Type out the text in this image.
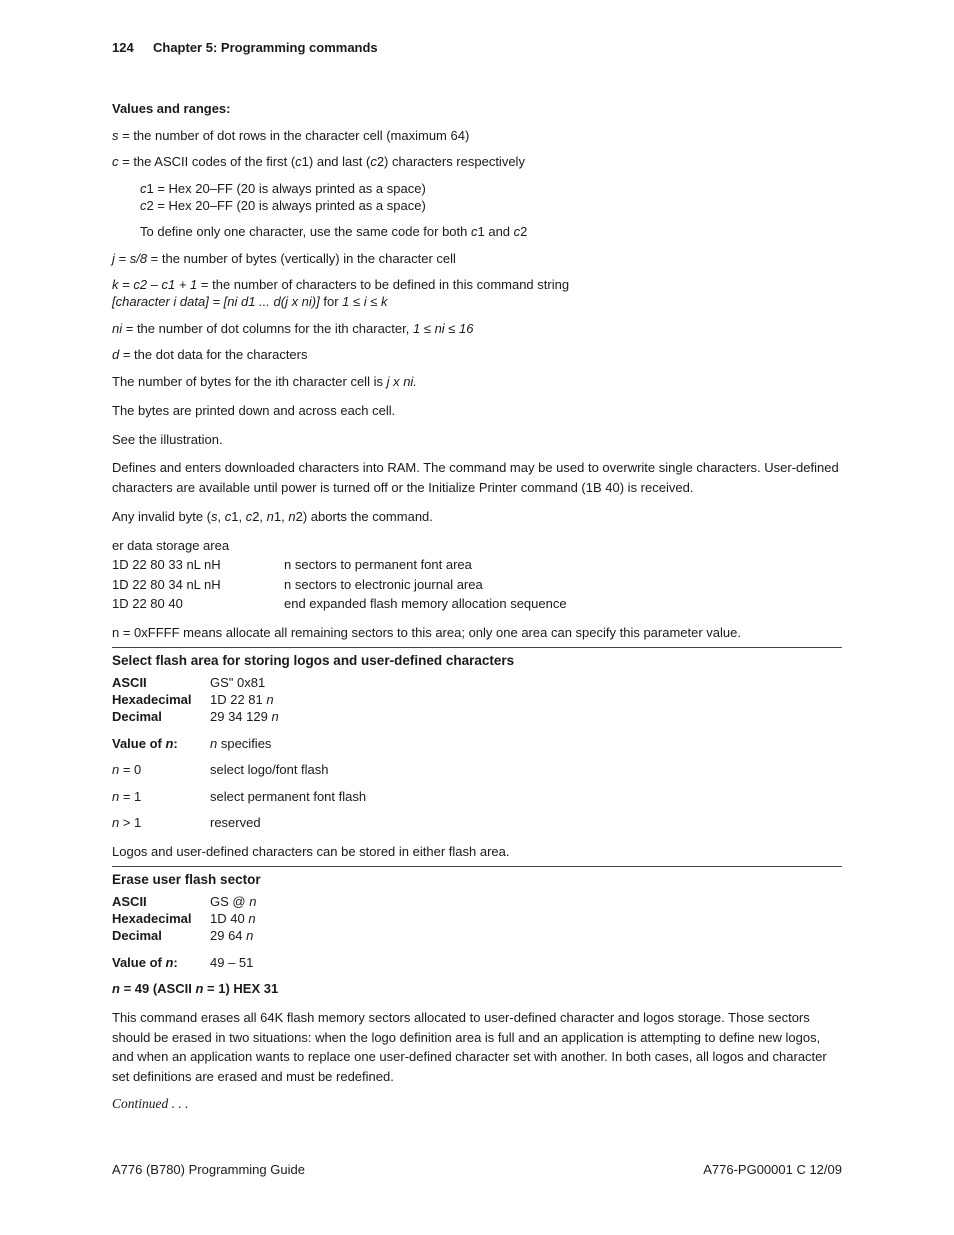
124 Chapter 5: Programming commands
Values and ranges:
s = the number of dot rows in the character cell (maximum 64)
c = the ASCII codes of the first (c1) and last (c2) characters respectively
c1 = Hex 20–FF (20 is always printed as a space)
c2 = Hex 20–FF (20 is always printed as a space)
To define only one character, use the same code for both c1 and c2
j = s/8 = the number of bytes (vertically) in the character cell
k = c2 – c1 + 1 = the number of characters to be defined in this command string
[character i data] = [ni d1 ... d(j x ni)] for 1 ≤ i ≤ k
ni = the number of dot columns for the ith character, 1 ≤ ni ≤ 16
d = the dot data for the characters
The number of bytes for the ith character cell is j x ni.
The bytes are printed down and across each cell.
See the illustration.
Defines and enters downloaded characters into RAM. The command may be used to overwrite single characters. User-defined characters are available until power is turned off or the Initialize Printer command (1B 40) is received.
Any invalid byte (s, c1, c2, n1, n2) aborts the command.
er data storage area
1D 22 80 33 nL nH	n sectors to permanent font area
1D 22 80 34 nL nH	n sectors to electronic journal area
1D 22 80 40	end expanded flash memory allocation sequence
n = 0xFFFF means allocate all remaining sectors to this area; only one area can specify this parameter value.
Select flash area for storing logos and user-defined characters
ASCII	GS" 0x81
Hexadecimal 1D 22 81 n
Decimal	29 34 129 n
Value of n: n specifies
n = 0	select logo/font flash
n = 1	select permanent font flash
n > 1	reserved
Logos and user-defined characters can be stored in either flash area.
Erase user flash sector
ASCII	GS @ n
Hexadecimal 1D 40 n
Decimal	29 64 n
Value of n: 49 – 51
n = 49 (ASCII n = 1) HEX 31
This command erases all 64K flash memory sectors allocated to user-defined character and logos storage. Those sectors should be erased in two situations: when the logo definition area is full and an application is attempting to define new logos, and when an application wants to replace one user-defined character set with another. In both cases, all logos and character set definitions are erased and must be redefined.
Continued . . .
A776 (B780) Programming Guide	A776-PG00001 C 12/09
